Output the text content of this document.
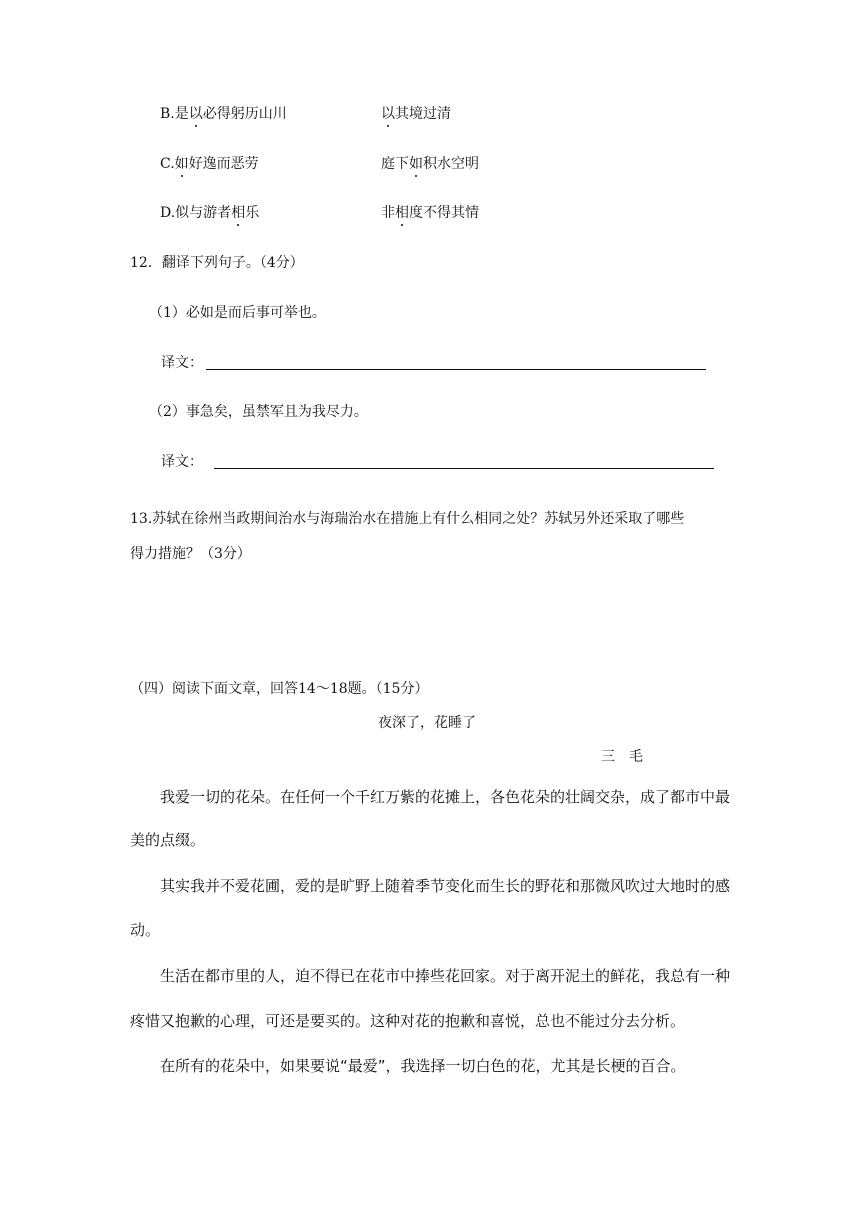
B.是以必得躬历山川	以其境过清
C.如好逸而恶劳	庭下如积水空明
D.似与游者相乐	非相度不得其情
12．翻译下列句子。（4分）
（1）必如是而后事可举也。
译文：
（2）事急矣，虽禁军且为我尽力。
译文：
13.苏轼在徐州当政期间治水与海瑞治水在措施上有什么相同之处？苏轼另外还采取了哪些
得力措施？（3分）
（四）阅读下面文章，回答14～18题。（15分）
夜深了，花睡了
三　毛
我爱一切的花朵。在任何一个千红万紫的花摊上，各色花朵的壮阔交杂，成了都市中最
美的点缀。
其实我并不爱花圃，爱的是旷野上随着季节变化而生长的野花和那微风吹过大地时的感
动。
生活在都市里的人，迫不得已在花市中捧些花回家。对于离开泥土的鲜花，我总有一种
疼惜又抱歉的心理，可还是要买的。这种对花的抱歉和喜悦，总也不能过分去分析。
在所有的花朵中，如果要说“最爱”，我选择一切白色的花，尤其是长梗的百合。
